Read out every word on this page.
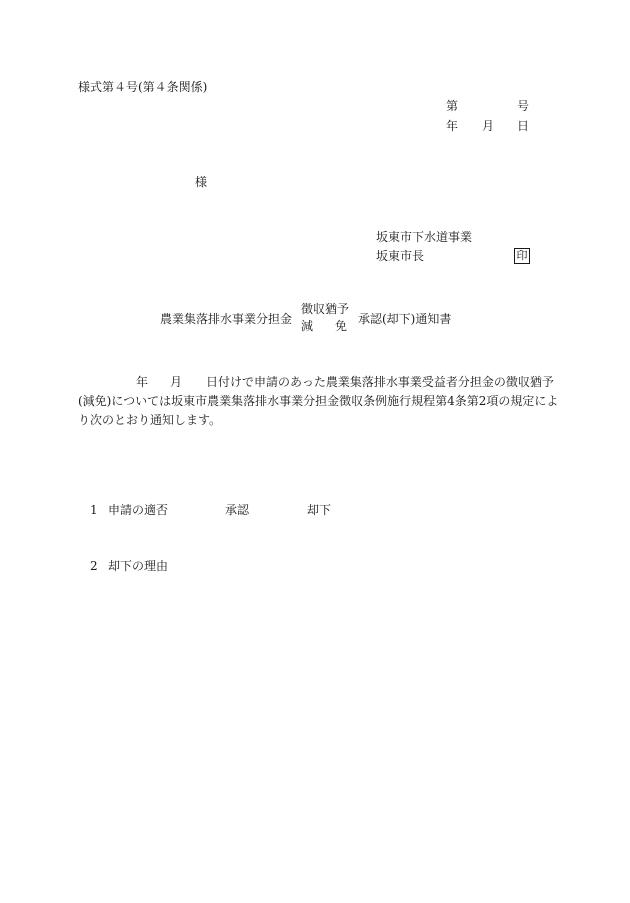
様式第４号(第４条関係)
第	号
年 月 日
様
坂東市下水道事業
坂東市長	印
農業集落排水事業分担金
徴収猶予
減 免 承認(却下)通知書
年 月 日付けで申請のあった農業集落排水事業受益者分担金の徴収猶予
(減免)については坂東市農業集落排水事業分担金徴収条例施行規程第4条第2項の規定によ
り次のとおり通知します。
1 申請の適否	承認	却下
2 却下の理由
